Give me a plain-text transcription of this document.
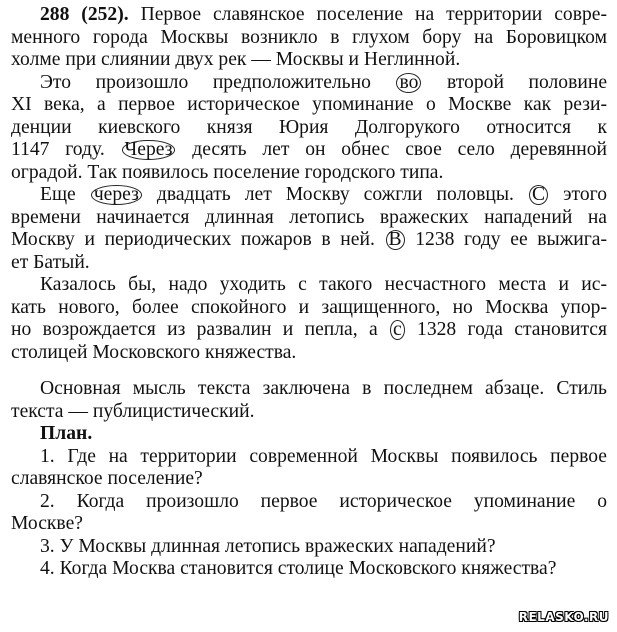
288 (252). Первое славянское поселение на территории совре-
менного города Москвы возникло в глухом бору на Боровицком
холме при слиянии двух рек — Москвы и Неглинной.
Это произошло предположительно во второй половине
XI века, а первое историческое упоминание о Москве как рези-
денции киевского князя Юрия Долгорукого относится к
1147 году. Через десять лет он обнес свое село деревянной
оградой. Так появилось поселение городского типа.
Еще через двадцать лет Москву сожгли половцы. С этого
времени начинается длинная летопись вражеских нападений на
Москву и периодических пожаров в ней. В 1238 году ее выжига-
ет Батый.
Казалось бы, надо уходить с такого несчастного места и ис-
кать нового, более спокойного и защищенного, но Москва упор-
но возрождается из развалин и пепла, а с 1328 года становится
столицей Московского княжества.
Основная мысль текста заключена в последнем абзаце. Стиль
текста — публицистический.
План.
1. Где на территории современной Москвы появилось первое
славянское поселение?
2. Когда произошло первое историческое упоминание о
Москве?
3. У Москвы длинная летопись вражеских нападений?
4. Когда Москва становится столице Московского княжества?
RELASKO.RU
